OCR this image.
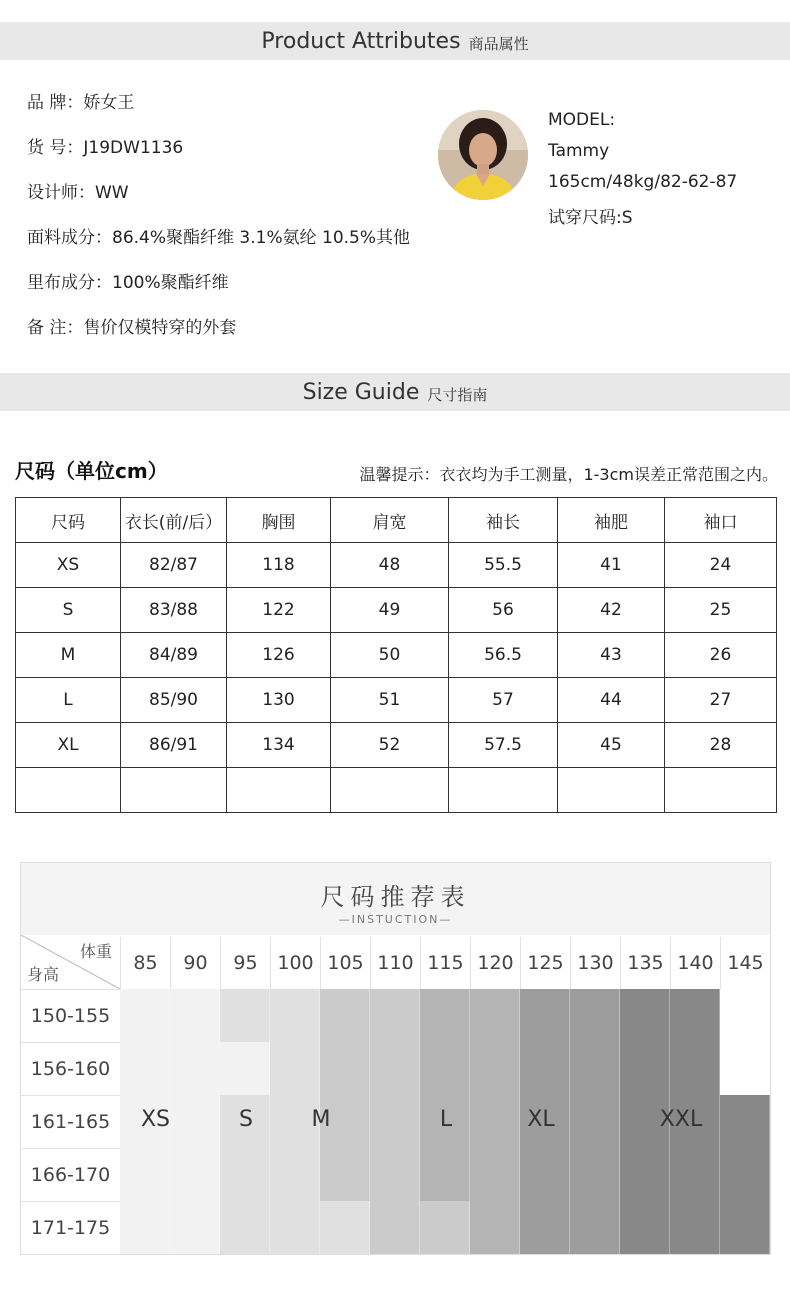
Product Attributes 商品属性
品 牌：娇女王
货 号：J19DW1136
设计师：WW
面料成分：86.4%聚酯纤维 3.1%氨纶 10.5%其他
里布成分：100%聚酯纤维
备 注：售价仅模特穿的外套
MODEL:
Tammy
165cm/48kg/82-62-87
试穿尺码:S
Size Guide 尺寸指南
尺码（单位cm）	温馨提示：衣衣均为手工测量，1-3cm误差正常范围之内。
尺码	衣长(前/后）	胸围	肩宽	袖长	袖肥	袖口
XS	82/87	118	48	55.5	41	24
S	83/88	122	49	56	42	25
M	84/89	126	50	56.5	43	26
L	85/90	130	51	57	44	27
XL	86/91	134	52	57.5	45	28

尺码推荐表
—INSTUCTION—
体重
身高
85	90	95	100 105 110 115 120 125 130 135 140 145
150-155
156-160
161-165
166-170
171-175
XS	S	M	L	XL	XXL
